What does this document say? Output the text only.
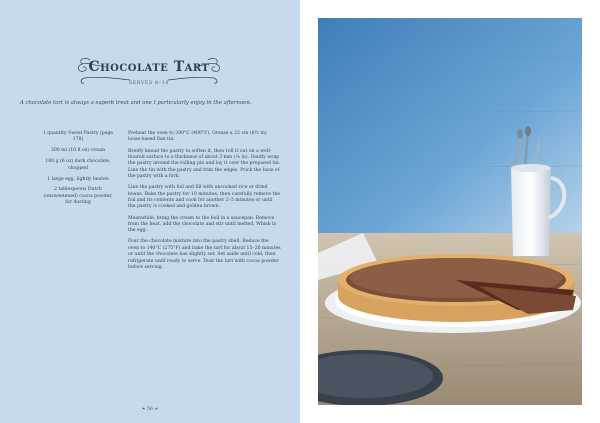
Chocolate Tart
SERVES 8–10
A chocolate tart is always a superb treat and one I particularly enjoy in the afternoon.
1 quantity Sweet Pastry (page 178)
300 ml (10 fl oz) cream
180 g (6 oz) dark chocolate, chopped
1 large egg, lightly beaten
2 tablespoons Dutch (unsweetened) cocoa powder, for dusting

Preheat the oven to 200°C (400°F). Grease a 22 cm (8½ in) loose-based flan tin.

Briefly knead the pastry to soften it, then roll it out on a well-floured surface to a thickness of about 3 mm (⅛ in). Gently wrap the pastry around the rolling pin and lay it over the prepared tin. Line the tin with the pastry and trim the edges. Prick the base of the pastry with a fork.

Line the pastry with foil and fill with uncooked rice or dried beans. Bake the pastry for 10 minutes, then carefully remove the foil and its contents and cook for another 2–5 minutes or until the pastry is cooked and golden brown.

Meanwhile, bring the cream to the boil in a saucepan. Remove from the heat, add the chocolate and stir until melted. Whisk in the egg.

Pour the chocolate mixture into the pastry shell. Reduce the oven to 140°C (275°F) and bake the tart for about 15–20 minutes or until the chocolate has slightly set. Set aside until cold, then refrigerate until ready to serve. Dust the tart with cocoa powder before serving.

❧ 56 ☙
